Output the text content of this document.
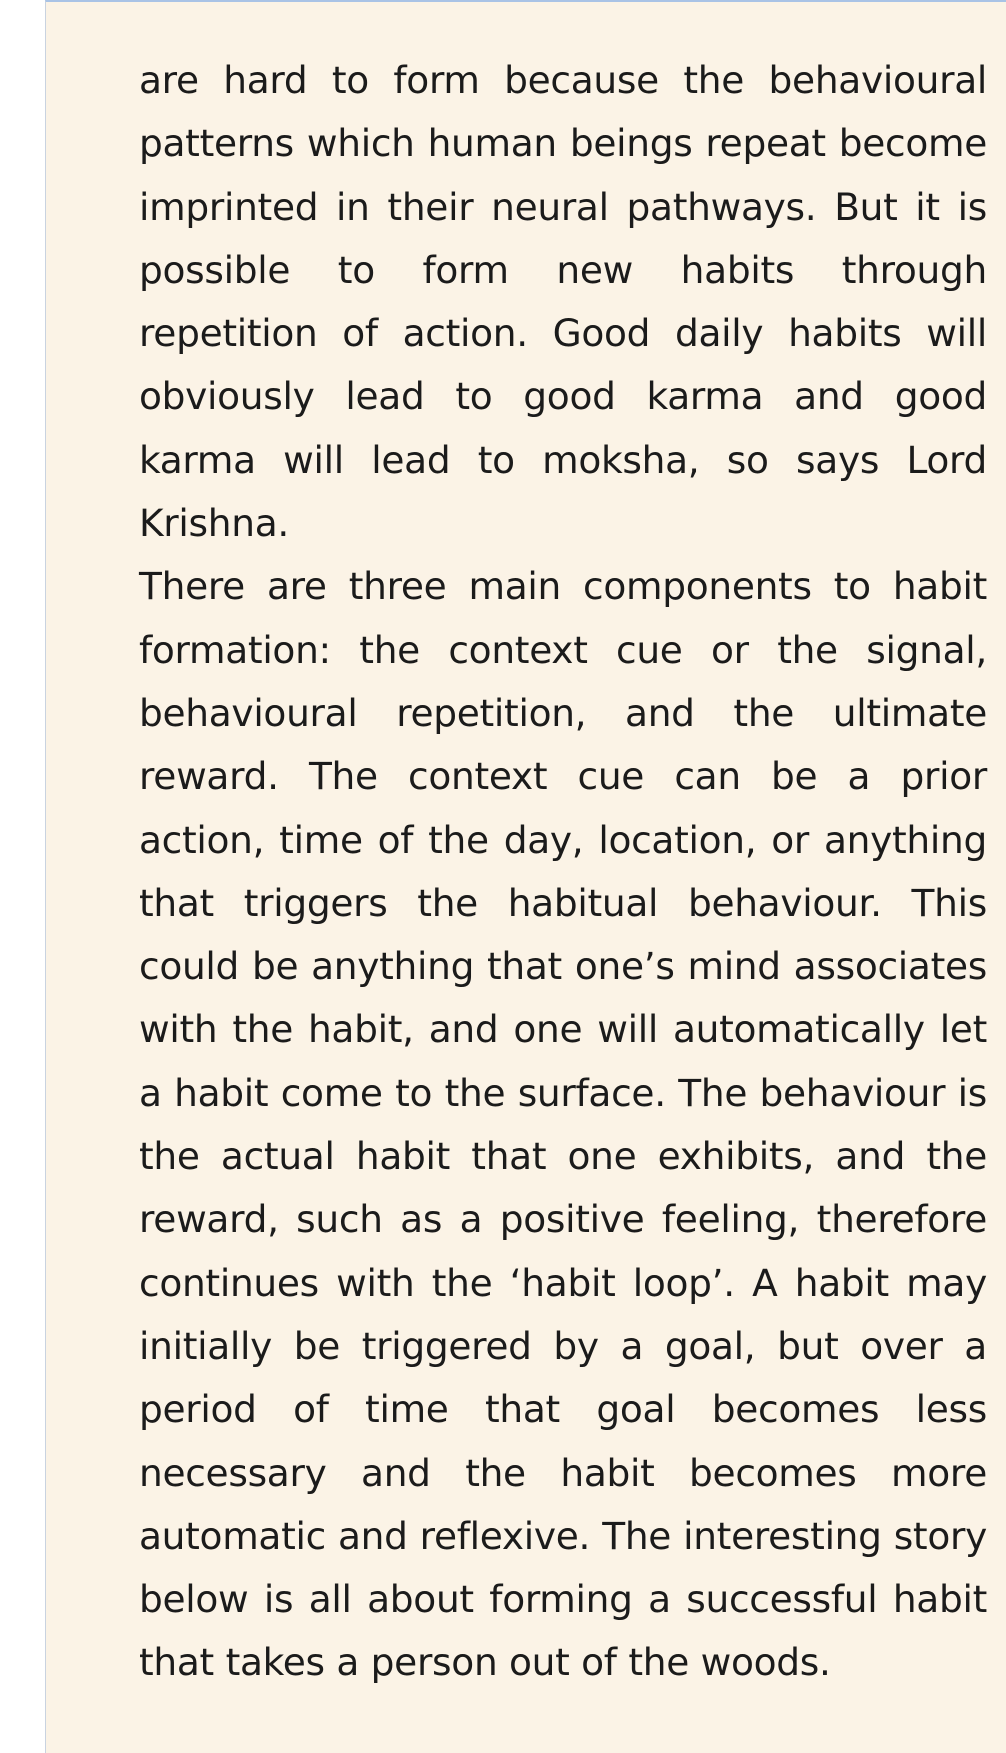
are hard to form because the behavioural patterns which human beings repeat become imprinted in their neural pathways. But it is possible to form new habits through repetition of action. Good daily habits will obviously lead to good karma and good karma will lead to moksha, so says Lord Krishna.

There are three main components to habit formation: the context cue or the signal, behavioural repetition, and the ultimate reward. The context cue can be a prior action, time of the day, location, or anything that triggers the habitual behaviour. This could be anything that one’s mind associates with the habit, and one will automatically let a habit come to the surface. The behaviour is the actual habit that one exhibits, and the reward, such as a positive feeling, therefore continues with the ‘habit loop’. A habit may initially be triggered by a goal, but over a period of time that goal becomes less necessary and the habit becomes more automatic and reflexive. The interesting story below is all about forming a successful habit that takes a person out of the woods.
